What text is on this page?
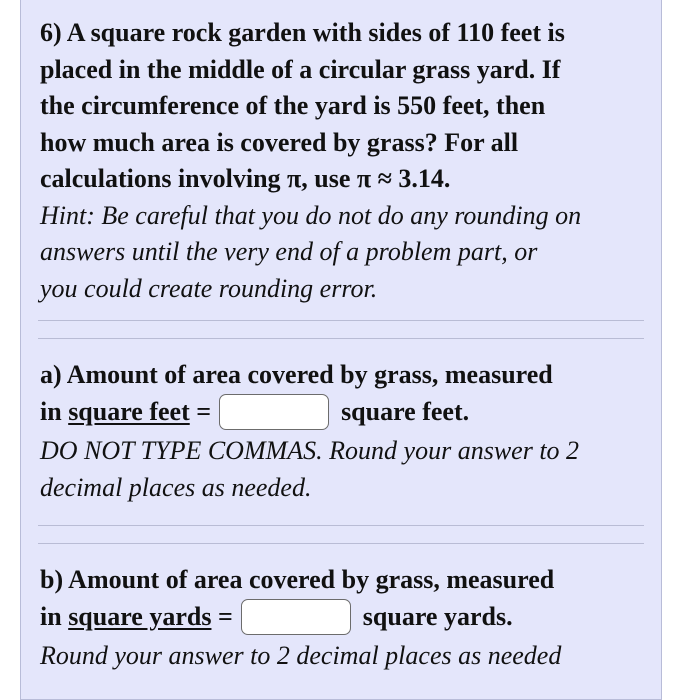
6) A square rock garden with sides of 110 feet is
placed in the middle of a circular grass yard. If
the circumference of the yard is 550 feet, then
how much area is covered by grass? For all
calculations involving π, use π ≈ 3.14.
Hint: Be careful that you do not do any rounding on
answers until the very end of a problem part, or
you could create rounding error.
a) Amount of area covered by grass, measured
in square feet =	square feet.
DO NOT TYPE COMMAS. Round your answer to 2
decimal places as needed.
b) Amount of area covered by grass, measured
in square yards =	square yards.
Round your answer to 2 decimal places as needed
